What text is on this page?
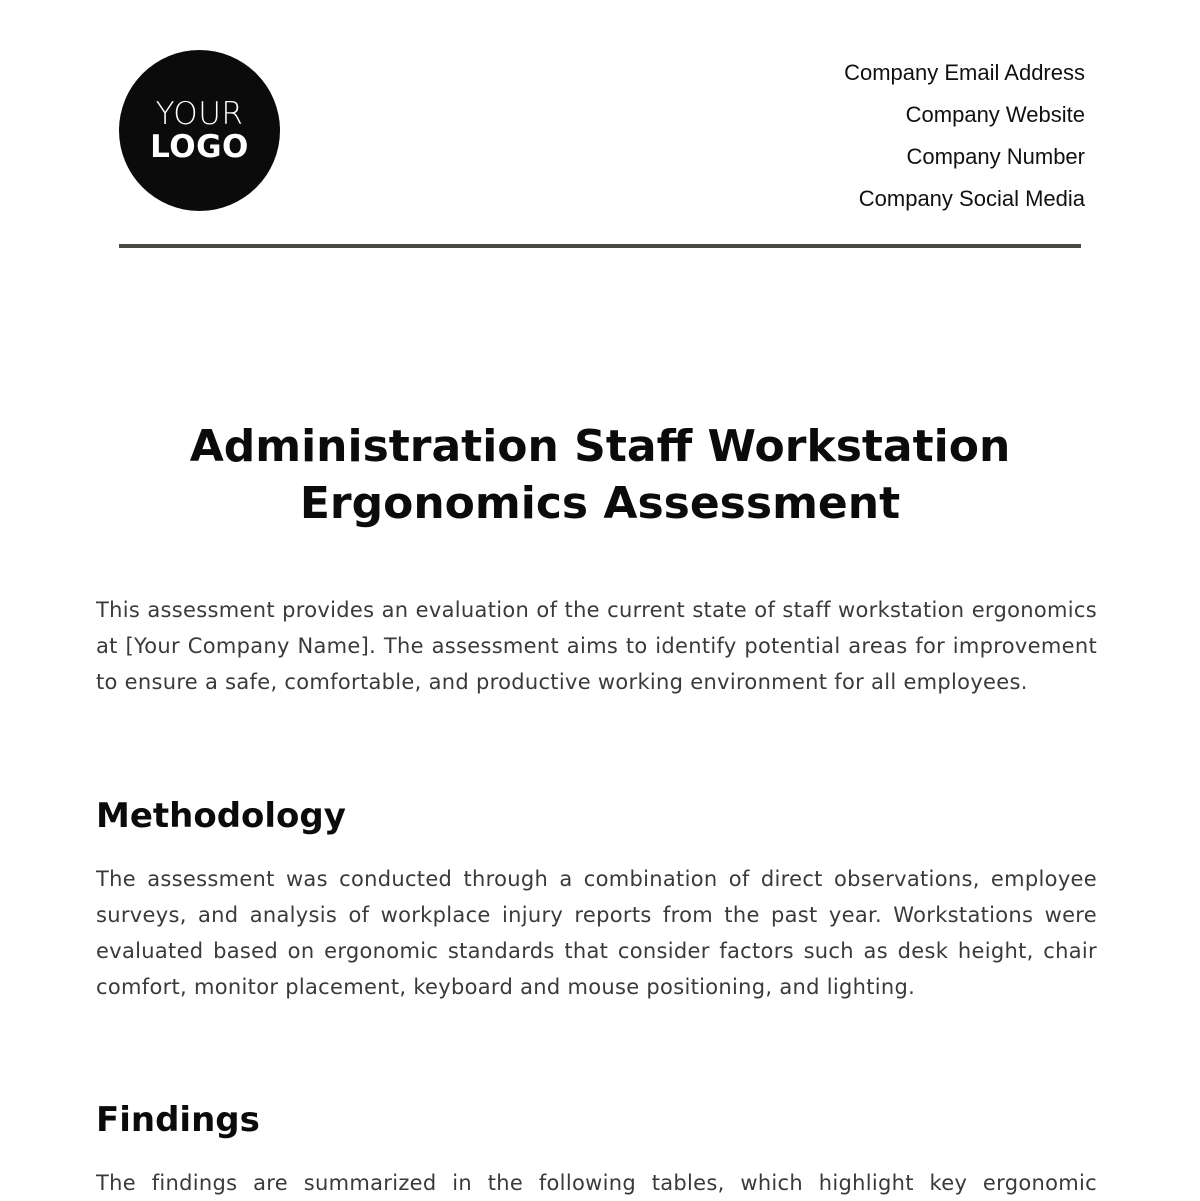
YOUR
LOGO
Company Email Address
Company Website
Company Number
Company Social Media
Administration Staff Workstation
Ergonomics Assessment

This assessment provides an evaluation of the current state of staff workstation ergonomics at [Your Company Name]. The assessment aims to identify potential areas for improvement to ensure a safe, comfortable, and productive working environment for all employees.

Methodology

The assessment was conducted through a combination of direct observations, employee surveys, and analysis of workplace injury reports from the past year. Workstations were evaluated based on ergonomic standards that consider factors such as desk height, chair comfort, monitor placement, keyboard and mouse positioning, and lighting.

Findings

The findings are summarized in the following tables, which highlight key ergonomic
